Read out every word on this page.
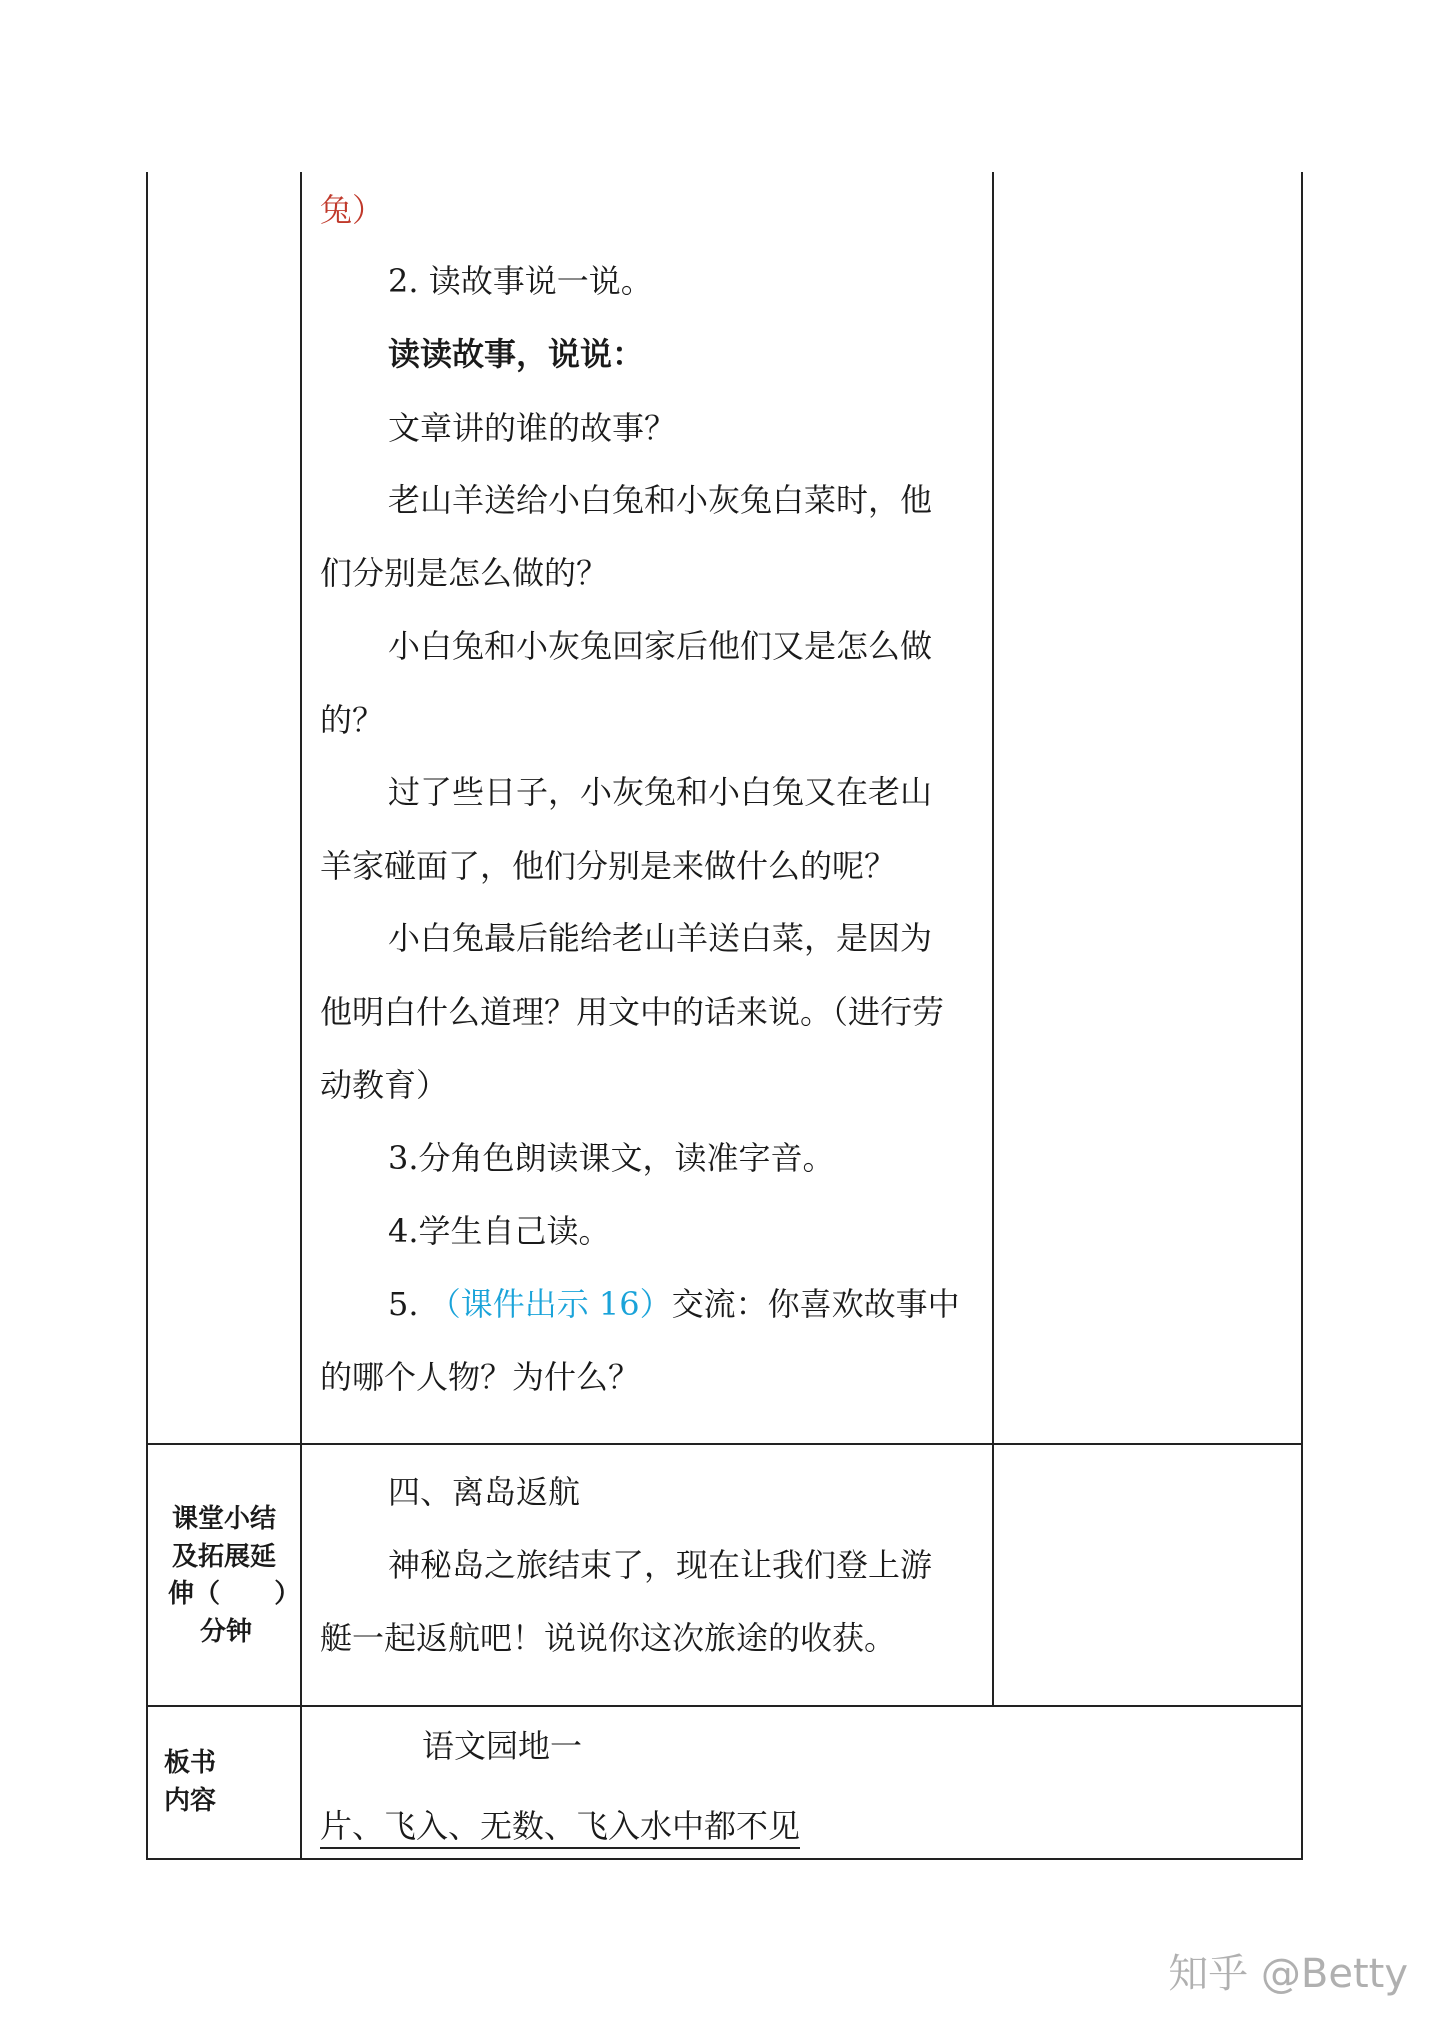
兔）
2. 读故事说一说。
读读故事，说说：
文章讲的谁的故事？
老山羊送给小白兔和小灰兔白菜时，他
们分别是怎么做的？
小白兔和小灰兔回家后他们又是怎么做
的？
过了些日子，小灰兔和小白兔又在老山
羊家碰面了，他们分别是来做什么的呢？
小白兔最后能给老山羊送白菜，是因为
他明白什么道理？用文中的话来说。（进行劳
动教育）
3.分角色朗读课文，读准字音。
4.学生自己读。
5. （课件出示 16）交流：你喜欢故事中
的哪个人物？为什么？
课堂小结
及拓展延
伸（      ）
分钟
四、离岛返航
神秘岛之旅结束了，现在让我们登上游
艇一起返航吧！说说你这次旅途的收获。
板书
内容
语文园地一
片、飞入、无数、飞入水中都不见
知乎 @Betty
